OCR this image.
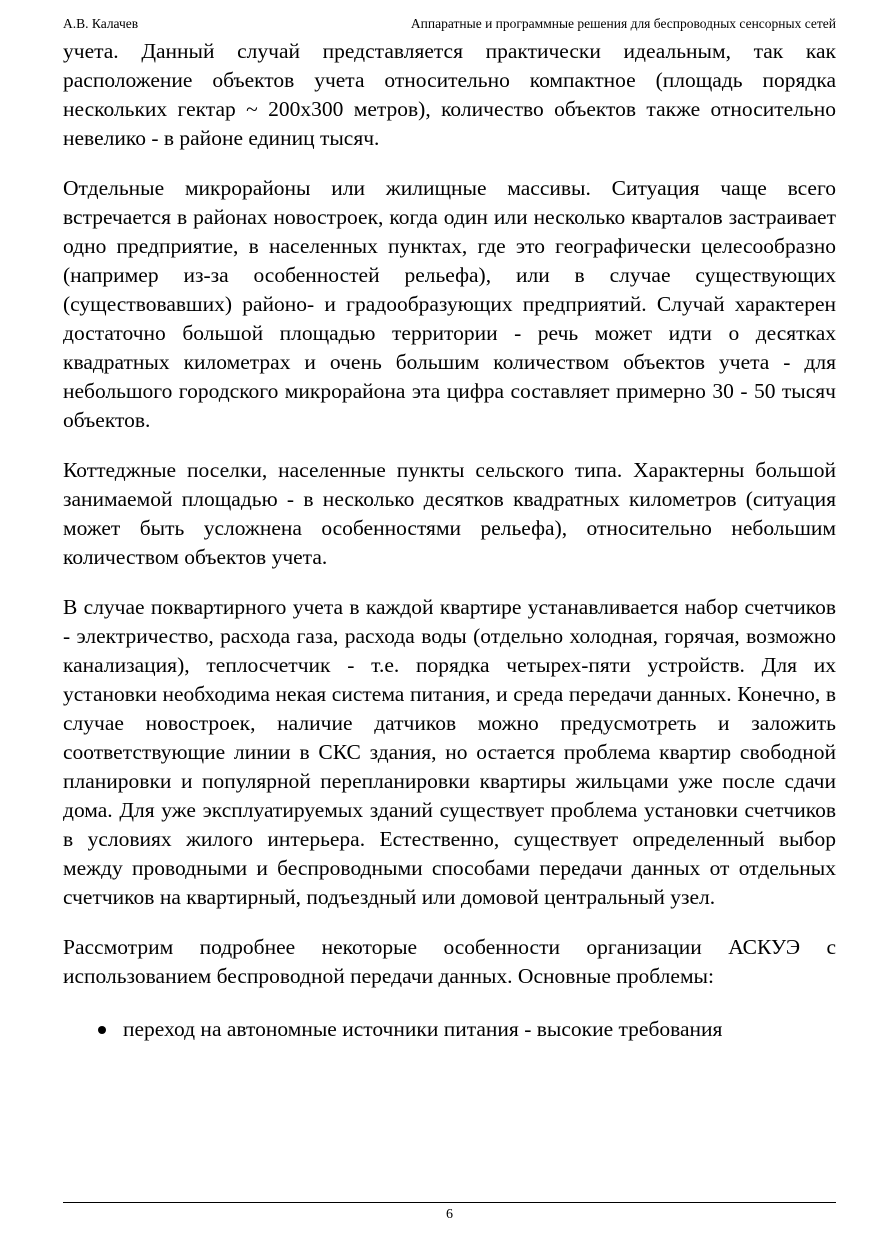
А.В. Калачев	Аппаратные и программные решения для беспроводных сенсорных сетей

учета. Данный случай представляется практически идеальным, так как расположение объектов учета относительно компактное (площадь порядка нескольких гектар ~ 200х300 метров), количество объектов также относительно невелико - в районе единиц тысяч.

Отдельные микрорайоны или жилищные массивы. Ситуация чаще всего встречается в районах новостроек, когда один или несколько кварталов застраивает одно предприятие, в населенных пунктах, где это географически целесообразно (например из-за особенностей рельефа), или в случае существующих (существовавших) районо- и градообразующих предприятий. Случай характерен достаточно большой площадью территории - речь может идти о десятках квадратных километрах и очень большим количеством объектов учета - для небольшого городского микрорайона эта цифра составляет примерно 30 - 50 тысяч объектов.

Коттеджные поселки, населенные пункты сельского типа. Характерны большой занимаемой площадью - в несколько десятков квадратных километров (ситуация может быть усложнена особенностями рельефа), относительно небольшим количеством объектов учета.

В случае поквартирного учета в каждой квартире устанавливается набор счетчиков - электричество, расхода газа, расхода воды (отдельно холодная, горячая, возможно канализация), теплосчетчик - т.е. порядка четырех-пяти устройств. Для их установки необходима некая система питания, и среда передачи данных. Конечно, в случае новостроек, наличие датчиков можно предусмотреть и заложить соответствующие линии в СКС здания, но остается проблема квартир свободной планировки и популярной перепланировки квартиры жильцами уже после сдачи дома. Для уже эксплуатируемых зданий существует проблема установки счетчиков в условиях жилого интерьера. Естественно, существует определенный выбор между проводными и беспроводными способами передачи данных от отдельных счетчиков на квартирный, подъездный или домовой центральный узел.

Рассмотрим подробнее некоторые особенности организации АСКУЭ с использованием беспроводной передачи данных. Основные проблемы:

переход на автономные источники питания - высокие требования
6
